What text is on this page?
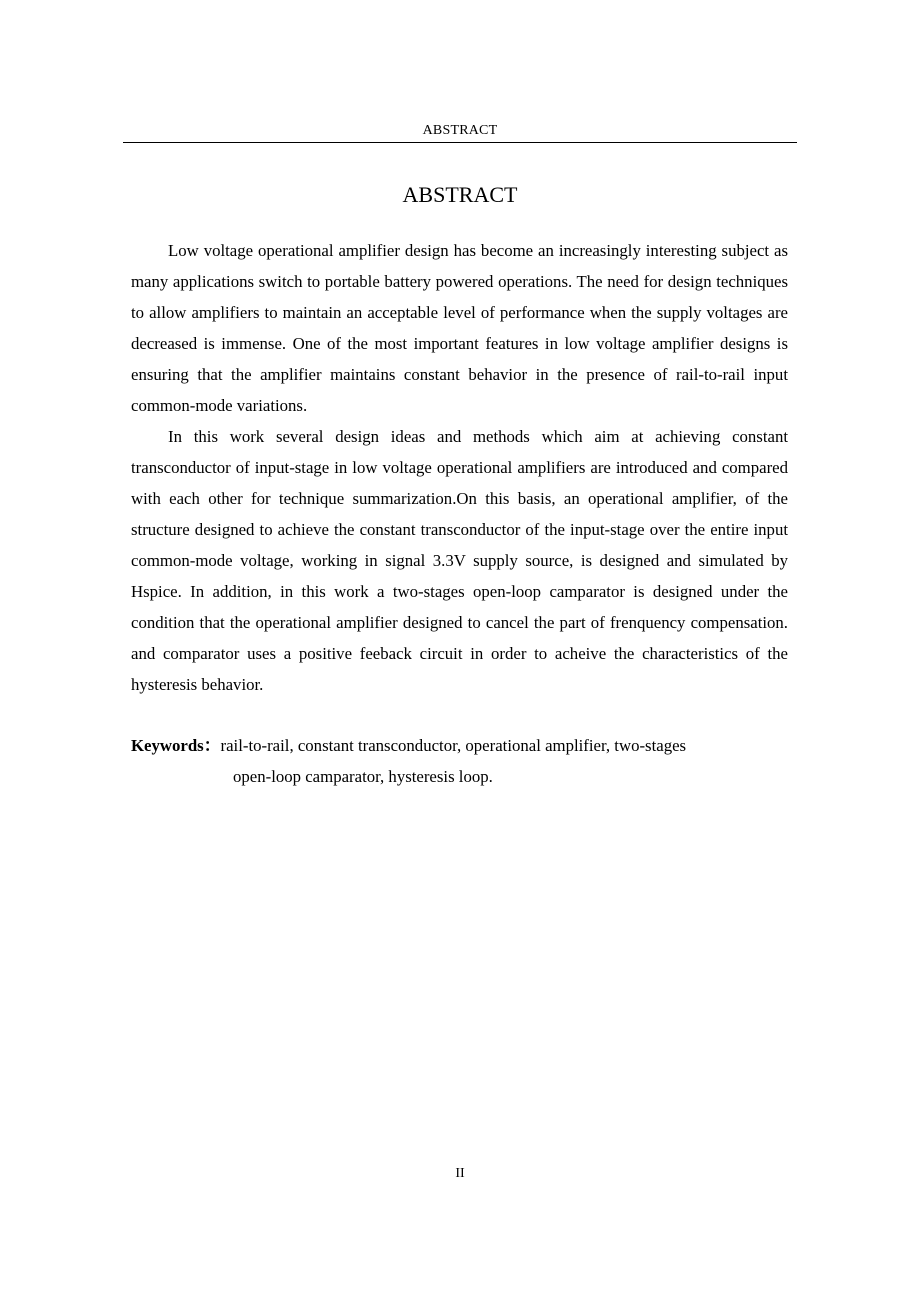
ABSTRACT
ABSTRACT

Low voltage operational amplifier design has become an increasingly interesting subject as many applications switch to portable battery powered operations. The need for design techniques to allow amplifiers to maintain an acceptable level of performance when the supply voltages are decreased is immense. One of the most important features in low voltage amplifier designs is ensuring that the amplifier maintains constant behavior in the presence of rail-to-rail input common-mode variations.

In this work several design ideas and methods which aim at achieving constant transconductor of input-stage in low voltage operational amplifiers are introduced and compared with each other for technique summarization.On this basis, an operational amplifier, of the structure designed to achieve the constant transconductor of the input-stage over the entire input common-mode voltage, working in signal 3.3V supply source, is designed and simulated by Hspice. In addition, in this work a two-stages open-loop camparator is designed under the condition that the operational amplifier designed to cancel the part of frenquency compensation. and comparator uses a positive feeback circuit in order to acheive the characteristics of the hysteresis behavior.

Keywords：rail-to-rail, constant transconductor, operational amplifier, two-stages
open-loop camparator, hysteresis loop.
II
